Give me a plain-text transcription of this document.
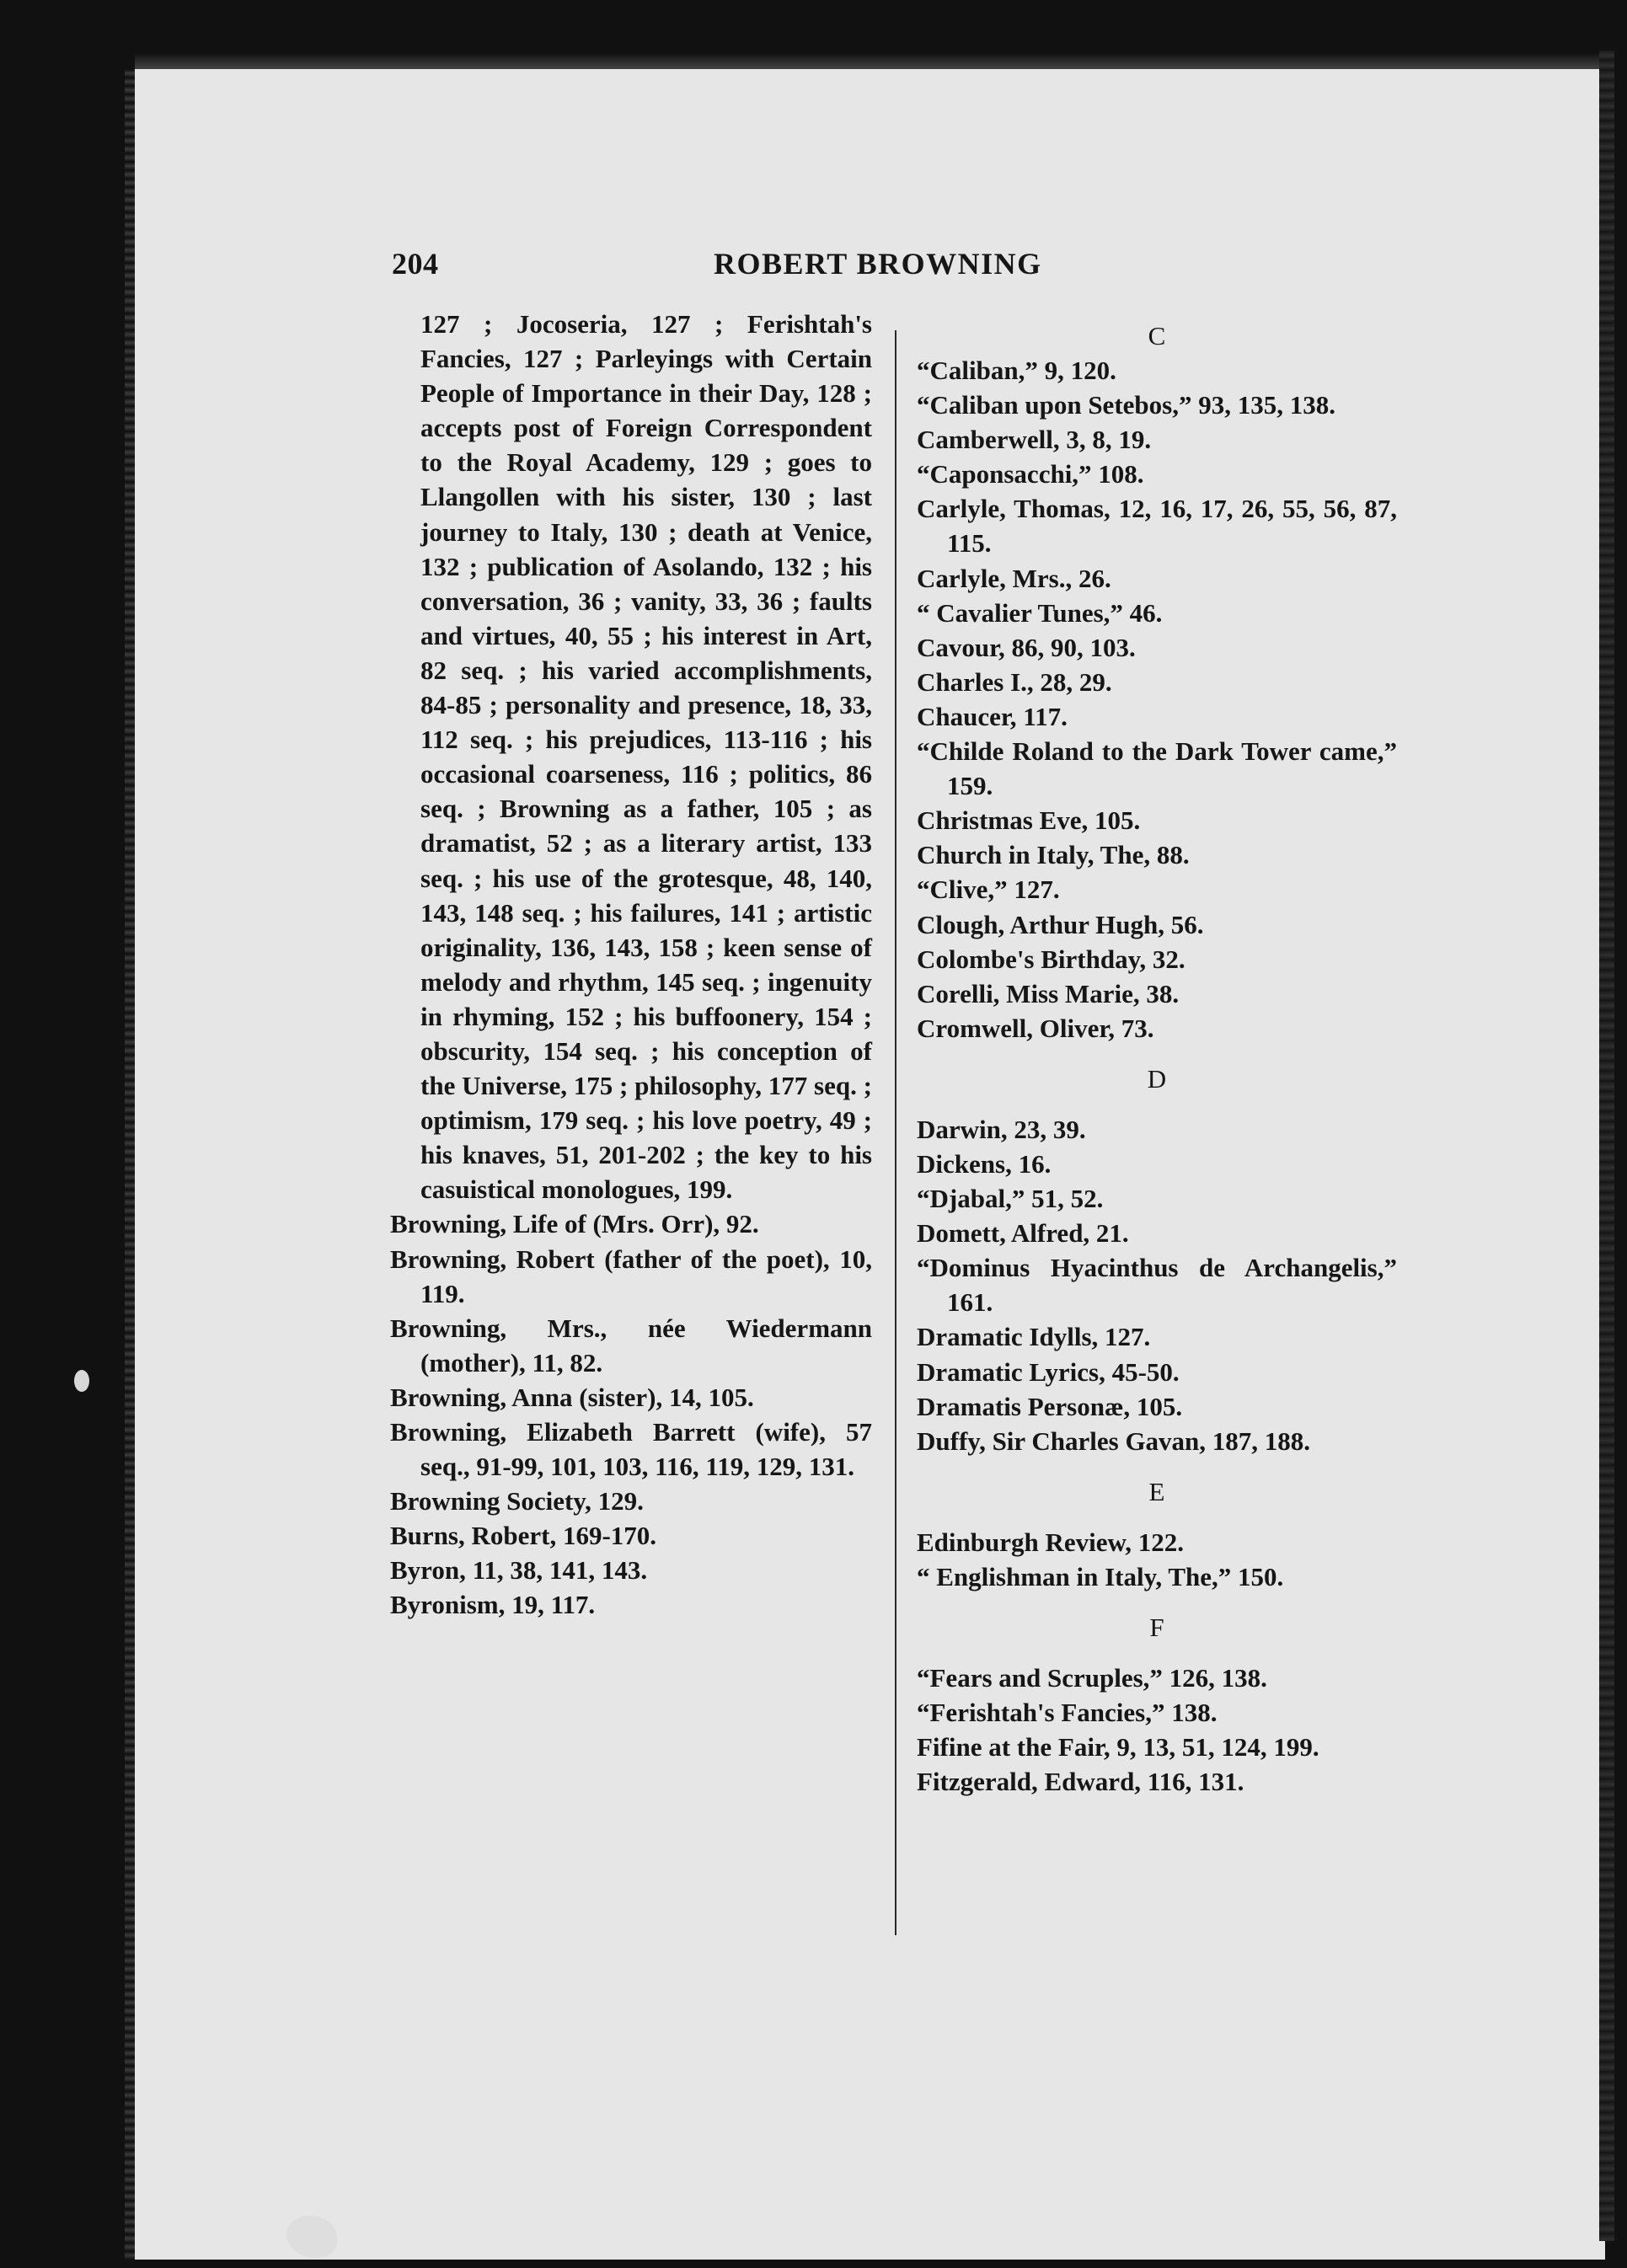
204	ROBERT BROWNING

127 ; Jocoseria, 127 ; Ferishtah's Fancies, 127 ; Parleyings with Certain People of Importance in their Day, 128 ; accepts post of Foreign Correspondent to the Royal Academy, 129 ; goes to Llangollen with his sister, 130 ; last journey to Italy, 130 ; death at Venice, 132 ; publication of Asolando, 132 ; his conversation, 36 ; vanity, 33, 36 ; faults and virtues, 40, 55 ; his interest in Art, 82 seq. ; his varied accomplishments, 84-85 ; personality and presence, 18, 33, 112 seq. ; his prejudices, 113-116 ; his occasional coarseness, 116 ; politics, 86 seq. ; Browning as a father, 105 ; as dramatist, 52 ; as a literary artist, 133 seq. ; his use of the grotesque, 48, 140, 143, 148 seq. ; his failures, 141 ; artistic originality, 136, 143, 158 ; keen sense of melody and rhythm, 145 seq. ; ingenuity in rhyming, 152 ; his buffoonery, 154 ; obscurity, 154 seq. ; his conception of the Universe, 175 ; philosophy, 177 seq. ; optimism, 179 seq. ; his love poetry, 49 ; his knaves, 51, 201-202 ; the key to his casuistical monologues, 199.

Browning, Life of (Mrs. Orr), 92.

Browning, Robert (father of the poet), 10, 119.

Browning, Mrs., née Wiedermann (mother), 11, 82.

Browning, Anna (sister), 14, 105.

Browning, Elizabeth Barrett (wife), 57 seq., 91-99, 101, 103, 116, 119, 129, 131.

Browning Society, 129.

Burns, Robert, 169-170.

Byron, 11, 38, 141, 143.

Byronism, 19, 117.

C

“Caliban,” 9, 120.

“Caliban upon Setebos,” 93, 135, 138.

Camberwell, 3, 8, 19.

“Caponsacchi,” 108.

Carlyle, Thomas, 12, 16, 17, 26, 55, 56, 87, 115.

Carlyle, Mrs., 26.

“ Cavalier Tunes,” 46.

Cavour, 86, 90, 103.

Charles I., 28, 29.

Chaucer, 117.

“Childe Roland to the Dark Tower came,” 159.

Christmas Eve, 105.

Church in Italy, The, 88.

“Clive,” 127.

Clough, Arthur Hugh, 56.

Colombe's Birthday, 32.

Corelli, Miss Marie, 38.

Cromwell, Oliver, 73.

D

Darwin, 23, 39.

Dickens, 16.

“Djabal,” 51, 52.

Domett, Alfred, 21.

“Dominus Hyacinthus de Archangelis,” 161.

Dramatic Idylls, 127.

Dramatic Lyrics, 45-50.

Dramatis Personæ, 105.

Duffy, Sir Charles Gavan, 187, 188.

E

Edinburgh Review, 122.

“ Englishman in Italy, The,” 150.

F

“Fears and Scruples,” 126, 138.

“Ferishtah's Fancies,” 138.

Fifine at the Fair, 9, 13, 51, 124, 199.

Fitzgerald, Edward, 116, 131.
